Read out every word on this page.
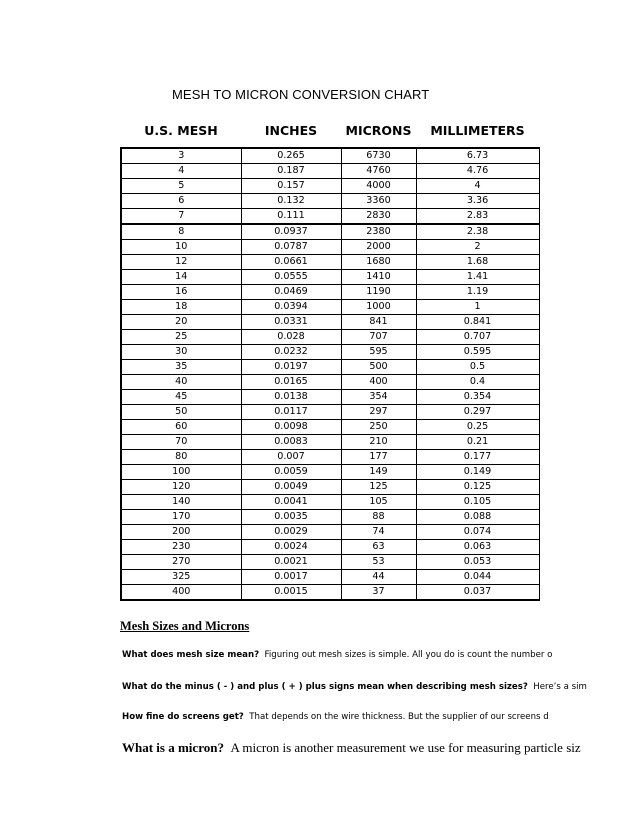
MESH TO MICRON CONVERSION CHART
U.S. MESH	INCHES	MICRONS	MILLIMETERS
3	0.265	6730	6.73
4	0.187	4760	4.76
5	0.157	4000	4
6	0.132	3360	3.36
7	0.111	2830	2.83
8	0.0937	2380	2.38
10	0.0787	2000	2
12	0.0661	1680	1.68
14	0.0555	1410	1.41
16	0.0469	1190	1.19
18	0.0394	1000	1
20	0.0331	841	0.841
25	0.028	707	0.707
30	0.0232	595	0.595
35	0.0197	500	0.5
40	0.0165	400	0.4
45	0.0138	354	0.354
50	0.0117	297	0.297
60	0.0098	250	0.25
70	0.0083	210	0.21
80	0.007	177	0.177
100	0.0059	149	0.149
120	0.0049	125	0.125
140	0.0041	105	0.105
170	0.0035	88	0.088
200	0.0029	74	0.074
230	0.0024	63	0.063
270	0.0021	53	0.053
325	0.0017	44	0.044
400	0.0015	37	0.037
Mesh Sizes and Microns
What does mesh size mean? Figuring out mesh sizes is simple. All you do is count the number o
What do the minus ( - ) and plus ( + ) plus signs mean when describing mesh sizes? Here’s a sim
How fine do screens get? That depends on the wire thickness. But the supplier of our screens d
What is a micron? A micron is another measurement we use for measuring particle siz
